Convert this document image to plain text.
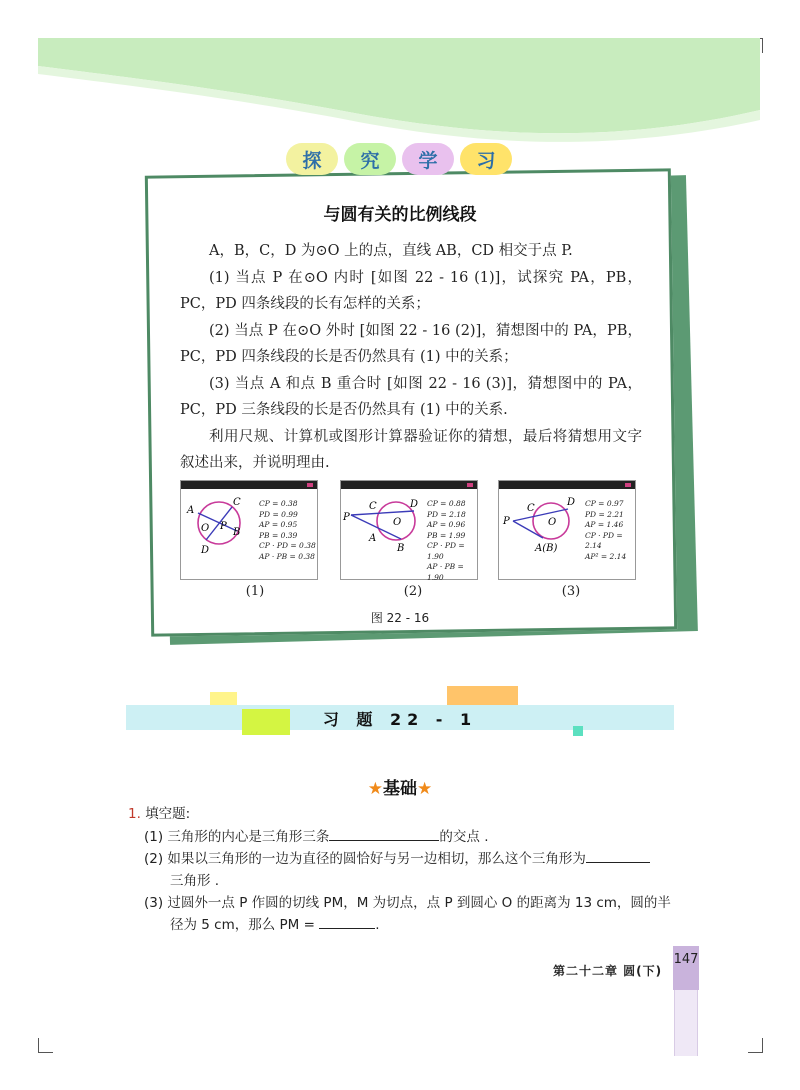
探	究	学	习
与圆有关的比例线段

A，B，C，D 为⊙O 上的点，直线 AB，CD 相交于点 P.

(1) 当点 P 在⊙O 内时 [如图 22 - 16 (1)]，试探究 PA，PB，PC，PD 四条线段的长有怎样的关系；

(2) 当点 P 在⊙O 外时 [如图 22 - 16 (2)]，猜想图中的 PA，PB，PC，PD 四条线段的长是否仍然具有 (1) 中的关系；

(3) 当点 A 和点 B 重合时 [如图 22 - 16 (3)]，猜想图中的 PA，PC，PD 三条线段的长是否仍然具有 (1) 中的关系.

利用尺规、计算机或图形计算器验证你的猜想，最后将猜想用文字叙述出来，并说明理由.

A
C
O P
B
D
CP = 0.38
PD = 0.99
AP = 0.95
PB = 0.39
CP · PD = 0.38
AP · PB = 0.38
(1)
P
C	D
O
A
B
CP = 0.88
PD = 2.18
AP = 0.96
PB = 1.99
CP · PD = 1.90
AP · PB = 1.90
(2)
P
C
D
O
A(B)
CP = 0.97
PD = 2.21
AP = 1.46
CP · PD = 2.14
AP² = 2.14
(3)
图 22 - 16
习 题 22 - 1
★基础★
1. 填空题:
(1) 三角形的内心是三角形三条	的交点 .
(2) 如果以三角形的一边为直径的圆恰好与另一边相切，那么这个三角形为
三角形 .
(3) 过圆外一点 P 作圆的切线 PM，M 为切点，点 P 到圆心 O 的距离为 13 cm，圆的半
径为 5 cm，那么 PM =	.
147
第二十二章 圆(下)
